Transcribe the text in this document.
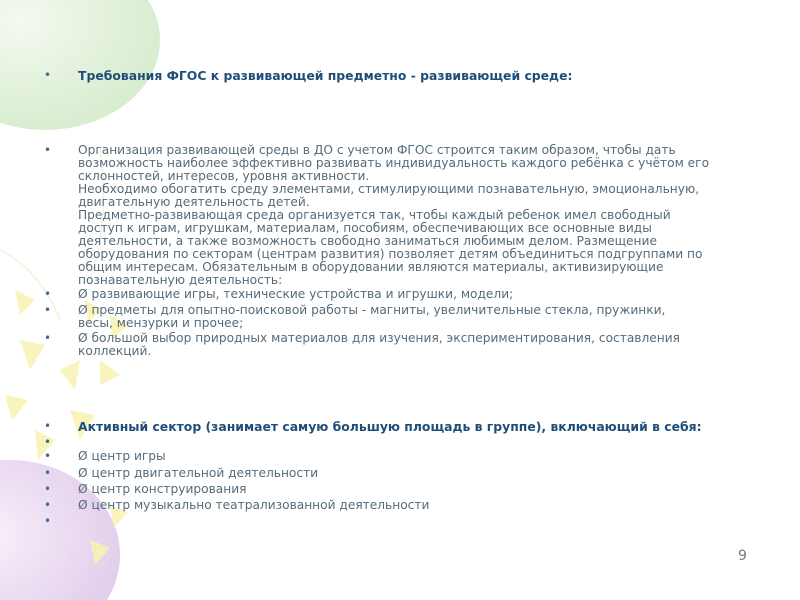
• Требования ФГОС к развивающей предметно - развивающей среде:
• Организация развивающей среды в ДО с учетом ФГОС строится таким образом, чтобы дать
возможность наиболее эффективно развивать индивидуальность каждого ребёнка с учётом его
склонностей, интересов, уровня активности.
Необходимо обогатить среду элементами, стимулирующими познавательную, эмоциональную,
двигательную деятельность детей.
Предметно-развивающая среда организуется так, чтобы каждый ребенок имел свободный
доступ к играм, игрушкам, материалам, пособиям, обеспечивающих все основные виды
деятельности, а также возможность свободно заниматься любимым делом. Размещение
оборудования по секторам (центрам развития) позволяет детям объединиться подгруппами по
общим интересам. Обязательным в оборудовании являются материалы, активизирующие
познавательную деятельность:
• Ø развивающие игры, технические устройства и игрушки, модели;
• Ø предметы для опытно-поисковой работы - магниты, увеличительные стекла, пружинки,
весы, мензурки и прочее;
• Ø большой выбор природных материалов для изучения, экспериментирования, составления
коллекций.
• Активный сектор (занимает самую большую площадь в группе), включающий в себя:
•
• Ø центр игры
• Ø центр двигательной деятельности
• Ø центр конструирования
• Ø центр музыкально театрализованной деятельности
•
9
